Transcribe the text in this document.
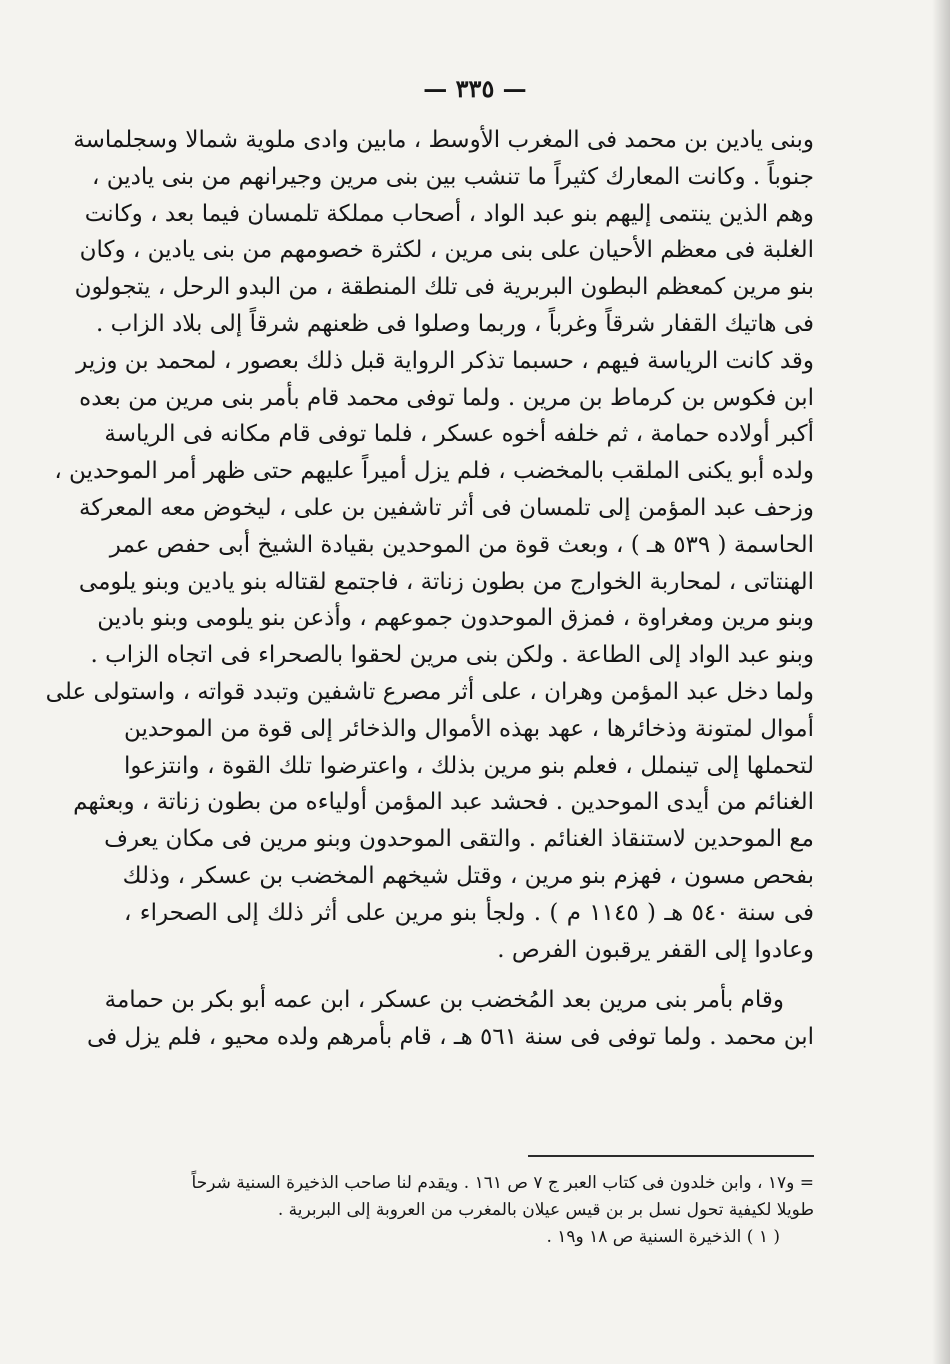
— ٣٣٥ —
وبنى يادين بن محمد فى المغرب الأوسط ، مابين وادى ملوية شمالا وسجلماسة
جنوباً . وكانت المعارك كثيراً ما تنشب بين بنى مرين وجيرانهم من بنى يادين ،
وهم الذين ينتمى إليهم بنو عبد الواد ، أصحاب مملكة تلمسان فيما بعد ، وكانت
الغلبة فى معظم الأحيان على بنى مرين ، لكثرة خصومهم من بنى يادين ، وكان
بنو مرين كمعظم البطون البربرية فى تلك المنطقة ، من البدو الرحل ، يتجولون
فى هاتيك القفار شرقاً وغرباً ، وربما وصلوا فى ظعنهم شرقاً إلى بلاد الزاب .
وقد كانت الرياسة فيهم ، حسبما تذكر الرواية قبل ذلك بعصور ، لمحمد بن وزير
ابن فكوس بن كرماط بن مرين . ولما توفى محمد قام بأمر بنى مرين من بعده
أكبر أولاده حمامة ، ثم خلفه أخوه عسكر ، فلما توفى قام مكانه فى الرياسة
ولده أبو يكنى الملقب بالمخضب ، فلم يزل أميراً عليهم حتى ظهر أمر الموحدين ،
وزحف عبد المؤمن إلى تلمسان فى أثر تاشفين بن على ، ليخوض معه المعركة
الحاسمة ( ٥٣٩ هـ ) ، وبعث قوة من الموحدين بقيادة الشيخ أبى حفص عمر
الهنتاتى ، لمحاربة الخوارج من بطون زناتة ، فاجتمع لقتاله بنو يادين وبنو يلومى
وبنو مرين ومغراوة ، فمزق الموحدون جموعهم ، وأذعن بنو يلومى وبنو بادين
وبنو عبد الواد إلى الطاعة . ولكن بنى مرين لحقوا بالصحراء فى اتجاه الزاب .
ولما دخل عبد المؤمن وهران ، على أثر مصرع تاشفين وتبدد قواته ، واستولى على
أموال لمتونة وذخائرها ، عهد بهذه الأموال والذخائر إلى قوة من الموحدين
لتحملها إلى تينملل ، فعلم بنو مرين بذلك ، واعترضوا تلك القوة ، وانتزعوا
الغنائم من أيدى الموحدين . فحشد عبد المؤمن أولياءه من بطون زناتة ، وبعثهم
مع الموحدين لاستنقاذ الغنائم . والتقى الموحدون وبنو مرين فى مكان يعرف
بفحص مسون ، فهزم بنو مرين ، وقتل شيخهم المخضب بن عسكر ، وذلك
فى سنة ٥٤٠ هـ ( ١١٤٥ م ) . ولجأ بنو مرين على أثر ذلك إلى الصحراء ،
وعادوا إلى القفر يرقبون الفرص .
وقام بأمر بنى مرين بعد المُخضب بن عسكر ، ابن عمه أبو بكر بن حمامة
ابن محمد . ولما توفى فى سنة ٥٦١ هـ ، قام بأمرهم ولده محيو ، فلم يزل فى
= و١٧ ، وابن خلدون فى كتاب العبر ج ٧ ص ١٦١ . ويقدم لنا صاحب الذخيرة السنية شرحاً
طويلا لكيفية تحول نسل بر بن قيس عيلان بالمغرب من العروبة إلى البربرية .
( ١ ) الذخيرة السنية ص ١٨ و١٩ .
